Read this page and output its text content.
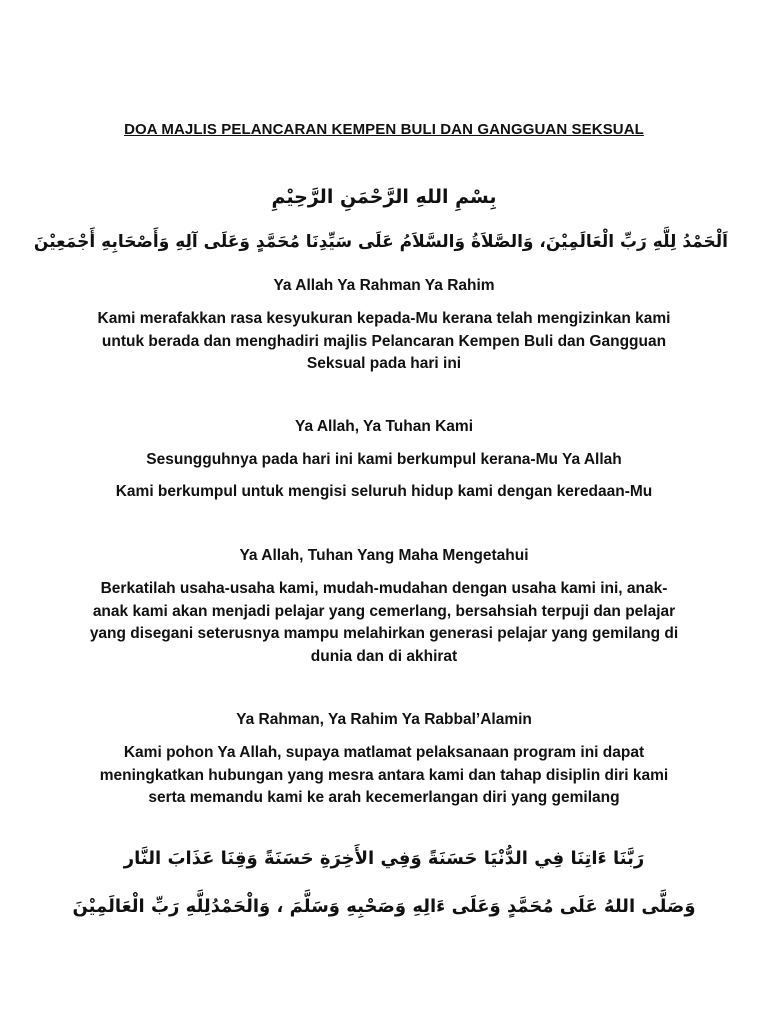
DOA MAJLIS PELANCARAN KEMPEN BULI DAN GANGGUAN SEKSUAL
بِسْمِ اللهِ الرَّحْمَنِ الرَّحِيْمِ
اَلْحَمْدُ لِلَّهِ رَبِّ الْعَالَمِيْنَ، وَالصَّلاَةُ وَالسَّلاَمُ عَلَى سَيِّدِنَا مُحَمَّدٍ وَعَلَى آلِهِ وَأَصْحَابِهِ أَجْمَعِيْنَ
Ya Allah Ya Rahman Ya Rahim
Kami merafakkan rasa kesyukuran kepada-Mu kerana telah mengizinkan kami untuk berada dan menghadiri majlis Pelancaran Kempen Buli dan Gangguan Seksual pada hari ini
Ya Allah, Ya Tuhan Kami
Sesungguhnya pada hari ini kami berkumpul kerana-Mu Ya Allah
Kami berkumpul untuk mengisi seluruh hidup kami dengan keredaan-Mu
Ya Allah, Tuhan Yang Maha Mengetahui
Berkatilah usaha-usaha kami, mudah-mudahan dengan usaha kami ini, anak-anak kami akan menjadi pelajar yang cemerlang, bersahsiah terpuji dan pelajar yang disegani seterusnya mampu melahirkan generasi pelajar yang gemilang di dunia dan di akhirat
Ya Rahman, Ya Rahim Ya Rabbal’Alamin
Kami pohon Ya Allah, supaya matlamat pelaksanaan program ini dapat meningkatkan hubungan yang mesra antara kami dan tahap disiplin diri kami serta memandu kami ke arah kecemerlangan diri yang gemilang
رَبَّنَا ءَاتِنَا فِي الدُّنْيَا حَسَنَةً وَفِي الأَخِرَةِ حَسَنَةً وَقِنَا عَذَابَ النَّار
وَصَلَّى اللهُ عَلَى مُحَمَّدٍ وَعَلَى ءَالِهِ وَصَحْبِهِ وَسَلَّمَ ، وَالْحَمْدُلِلَّهِ رَبِّ الْعَالَمِيْنَ
